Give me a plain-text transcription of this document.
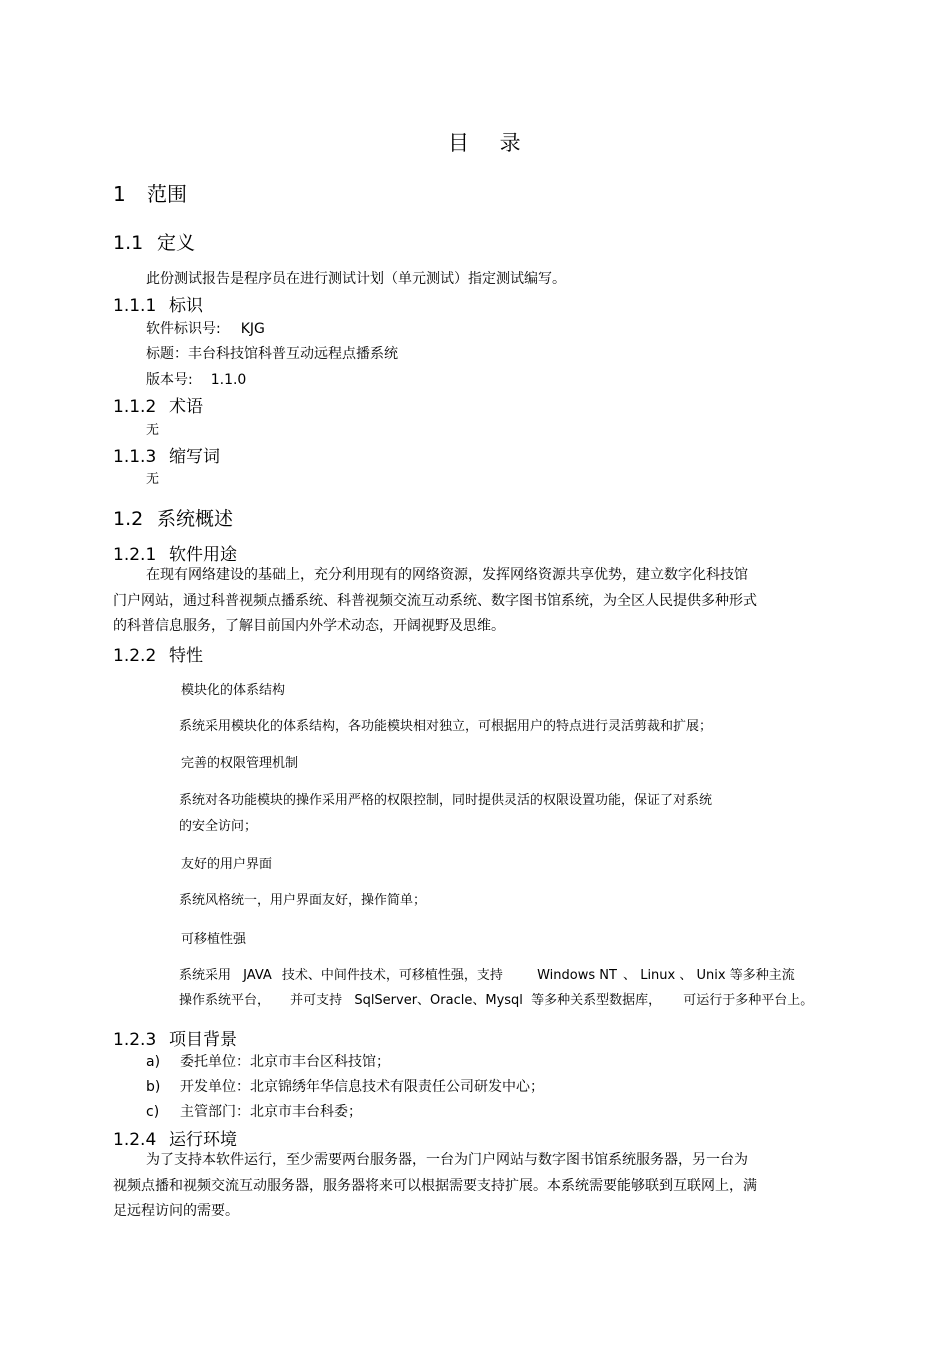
目 录
1 范围
1.1 定义
此份测试报告是程序员在进行测试计划（单元测试）指定测试编写。
1.1.1 标识
软件标识号: KJG
标题：丰台科技馆科普互动远程点播系统
版本号: 1.1.0
1.1.2 术语
无
1.1.3 缩写词
无
1.2 系统概述
1.2.1 软件用途
在现有网络建设的基础上，充分利用现有的网络资源，发挥网络资源共享优势，建立数字化科技馆门户网站，通过科普视频点播系统、科普视频交流互动系统、数字图书馆系统，为全区人民提供多种形式的科普信息服务，了解目前国内外学术动态，开阔视野及思维。
1.2.2 特性
模块化的体系结构
系统采用模块化的体系结构，各功能模块相对独立，可根据用户的特点进行灵活剪裁和扩展；
完善的权限管理机制
系统对各功能模块的操作采用严格的权限控制，同时提供灵活的权限设置功能，保证了对系统
的安全访问；
友好的用户界面
系统风格统一，用户界面友好，操作简单；
可移植性强
系统采用 JAVA 技术、中间件技术，可移植性强，支持	Windows NT 、 Linux 、 Unix 等多种主流
操作系统平台， 并可支持 SqlServer、Oracle、Mysql 等多种关系型数据库， 可运行于多种平台上。
1.2.3 项目背景
a) 委托单位：北京市丰台区科技馆；
b) 开发单位：北京锦绣年华信息技术有限责任公司研发中心；
c) 主管部门：北京市丰台科委；
1.2.4 运行环境
为了支持本软件运行，至少需要两台服务器，一台为门户网站与数字图书馆系统服务器，另一台为视频点播和视频交流互动服务器，服务器将来可以根据需要支持扩展。本系统需要能够联到互联网上，满足远程访问的需要。
